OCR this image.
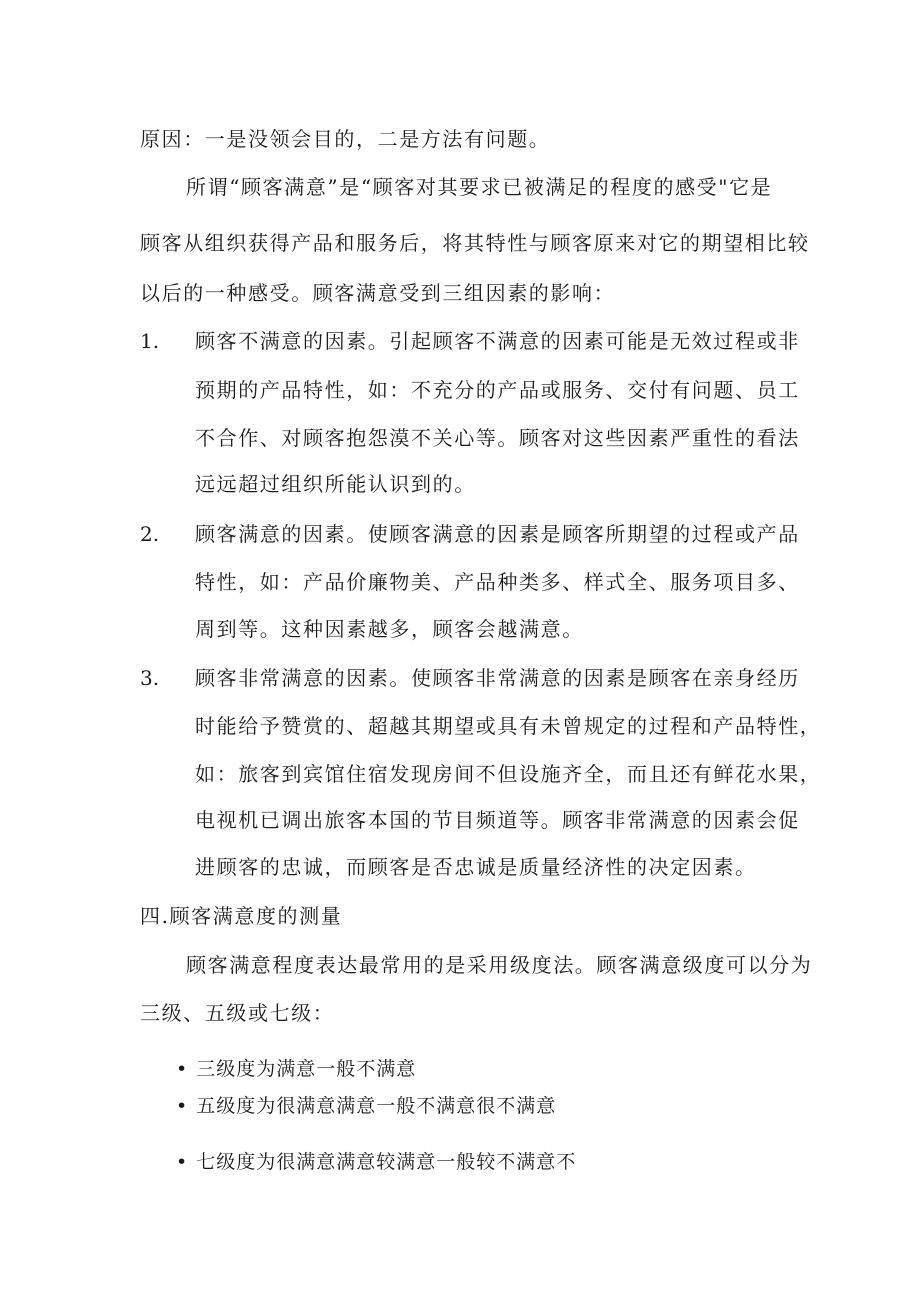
原因：一是没领会目的，二是方法有问题。
所谓“顾客满意”是“顾客对其要求已被满足的程度的感受"它是
顾客从组织获得产品和服务后，将其特性与顾客原来对它的期望相比较
以后的一种感受。顾客满意受到三组因素的影响：
1. 顾客不满意的因素。引起顾客不满意的因素可能是无效过程或非
预期的产品特性，如：不充分的产品或服务、交付有问题、员工
不合作、对顾客抱怨漠不关心等。顾客对这些因素严重性的看法
远远超过组织所能认识到的。
2. 顾客满意的因素。使顾客满意的因素是顾客所期望的过程或产品
特性，如：产品价廉物美、产品种类多、样式全、服务项目多、
周到等。这种因素越多，顾客会越满意。
3. 顾客非常满意的因素。使顾客非常满意的因素是顾客在亲身经历
时能给予赞赏的、超越其期望或具有未曾规定的过程和产品特性，
如：旅客到宾馆住宿发现房间不但设施齐全，而且还有鲜花水果，
电视机已调出旅客本国的节目频道等。顾客非常满意的因素会促
进顾客的忠诚，而顾客是否忠诚是质量经济性的决定因素。
四.顾客满意度的测量
顾客满意程度表达最常用的是采用级度法。顾客满意级度可以分为
三级、五级或七级：
• 三级度为满意一般不满意
• 五级度为很满意满意一般不满意很不满意
• 七级度为很满意满意较满意一般较不满意不
